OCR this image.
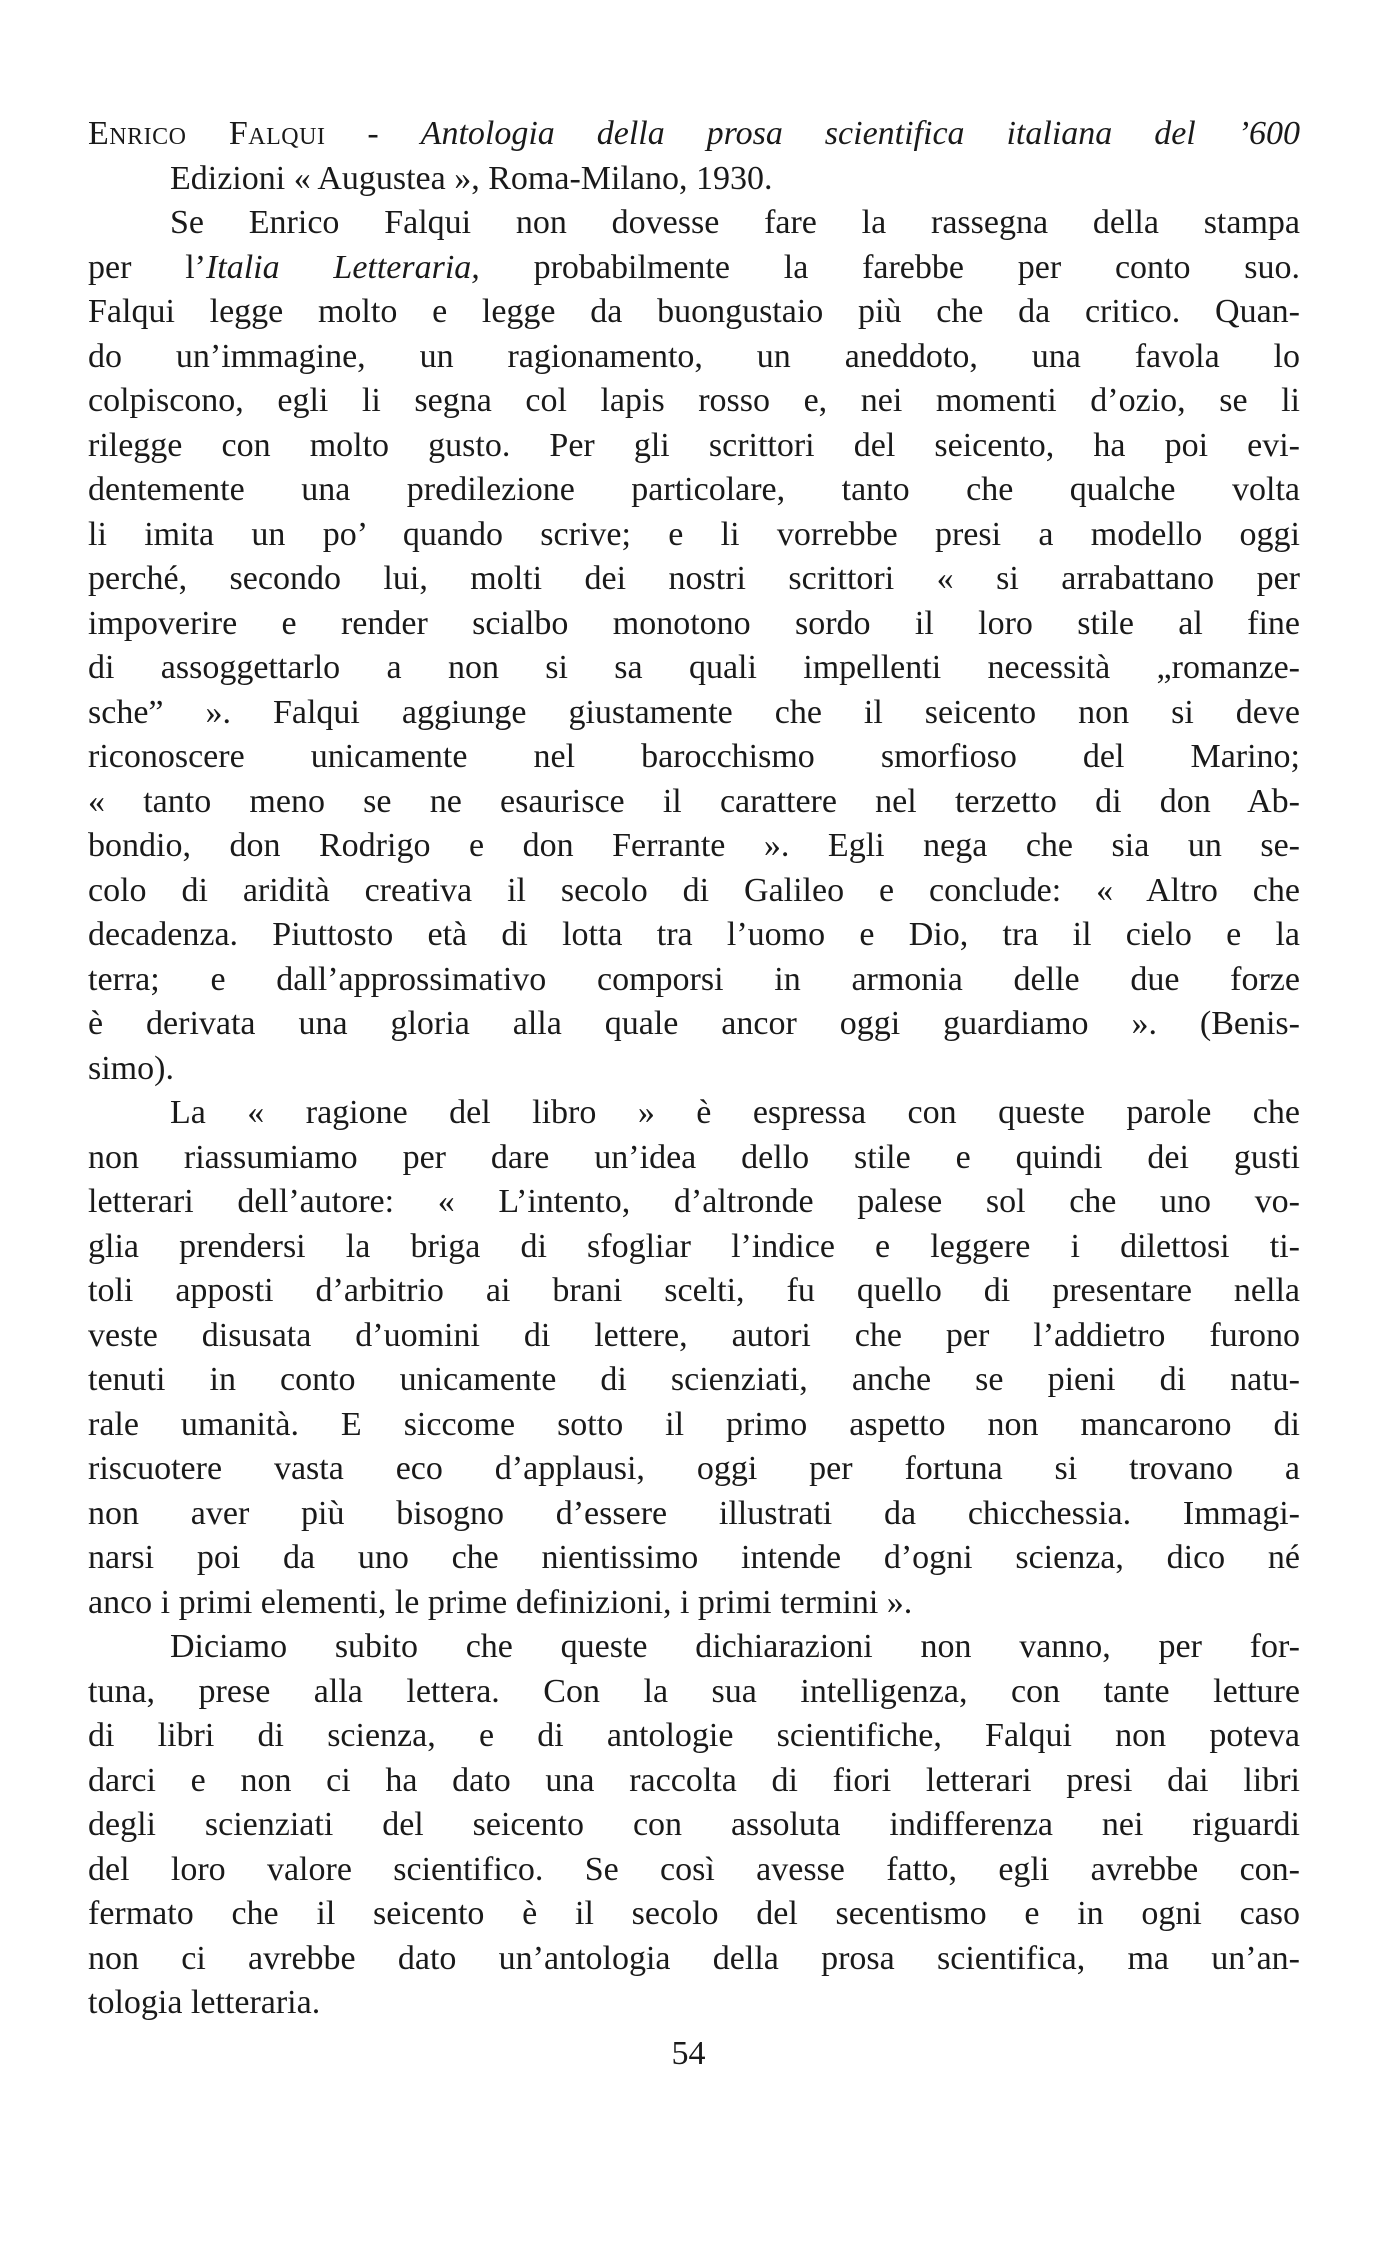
Enrico Falqui - Antologia della prosa scientifica italiana del ’600
Edizioni « Augustea », Roma-Milano, 1930.
Se Enrico Falqui non dovesse fare la rassegna della stampa
per l’Italia Letteraria, probabilmente la farebbe per conto suo.
Falqui legge molto e legge da buongustaio più che da critico. Quan-
do un’immagine, un ragionamento, un aneddoto, una favola lo
colpiscono, egli li segna col lapis rosso e, nei momenti d’ozio, se li
rilegge con molto gusto. Per gli scrittori del seicento, ha poi evi-
dentemente una predilezione particolare, tanto che qualche volta
li imita un po’ quando scrive; e li vorrebbe presi a modello oggi
perché, secondo lui, molti dei nostri scrittori « si arrabattano per
impoverire e render scialbo monotono sordo il loro stile al fine
di assoggettarlo a non si sa quali impellenti necessità „romanze-
sche” ». Falqui aggiunge giustamente che il seicento non si deve
riconoscere unicamente nel barocchismo smorfioso del Marino;
« tanto meno se ne esaurisce il carattere nel terzetto di don Ab-
bondio, don Rodrigo e don Ferrante ». Egli nega che sia un se-
colo di aridità creativa il secolo di Galileo e conclude: « Altro che
decadenza. Piuttosto età di lotta tra l’uomo e Dio, tra il cielo e la
terra; e dall’approssimativo comporsi in armonia delle due forze
è derivata una gloria alla quale ancor oggi guardiamo ». (Benis-
simo).
La « ragione del libro » è espressa con queste parole che
non riassumiamo per dare un’idea dello stile e quindi dei gusti
letterari dell’autore: « L’intento, d’altronde palese sol che uno vo-
glia prendersi la briga di sfogliar l’indice e leggere i dilettosi ti-
toli apposti d’arbitrio ai brani scelti, fu quello di presentare nella
veste disusata d’uomini di lettere, autori che per l’addietro furono
tenuti in conto unicamente di scienziati, anche se pieni di natu-
rale umanità. E siccome sotto il primo aspetto non mancarono di
riscuotere vasta eco d’applausi, oggi per fortuna si trovano a
non aver più bisogno d’essere illustrati da chicchessia. Immagi-
narsi poi da uno che nientissimo intende d’ogni scienza, dico né
anco i primi elementi, le prime definizioni, i primi termini ».
Diciamo subito che queste dichiarazioni non vanno, per for-
tuna, prese alla lettera. Con la sua intelligenza, con tante letture
di libri di scienza, e di antologie scientifiche, Falqui non poteva
darci e non ci ha dato una raccolta di fiori letterari presi dai libri
degli scienziati del seicento con assoluta indifferenza nei riguardi
del loro valore scientifico. Se così avesse fatto, egli avrebbe con-
fermato che il seicento è il secolo del secentismo e in ogni caso
non ci avrebbe dato un’antologia della prosa scientifica, ma un’an-
tologia letteraria.
54
